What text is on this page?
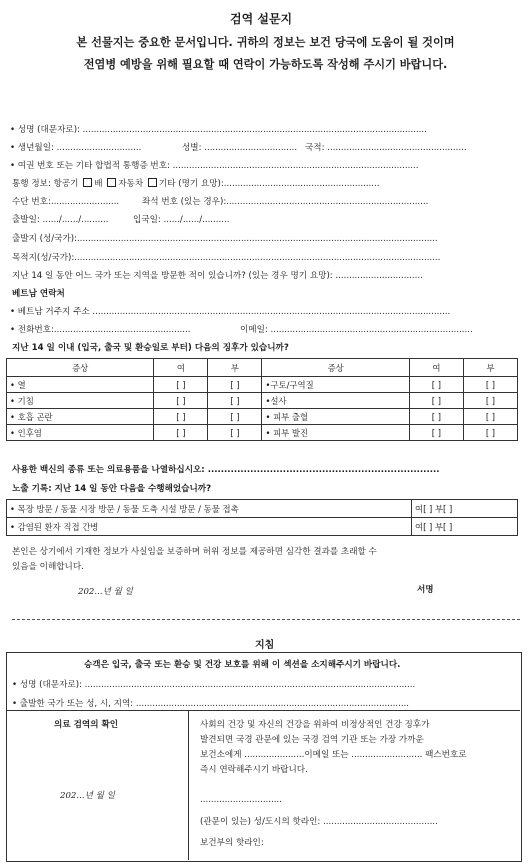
검역 설문지
본 선물지는 중요한 문서입니다. 귀하의 정보는 보건 당국에 도움이 될 것이며
전염병 예방을 위해 필요할 때 연락이 가능하도록 작성해 주시기 바랍니다.
• 성명 (대문자로): ..............................................................................................................................
• 생년월일: ...............................	성별: .................................. 국적: ...................................................
• 여권 번호 또는 기타 합법적 통행증 번호: ..........................................................................................
통행 정보: 항공기 배 자동차 기타 (명기 요망):.........................................................
수단 번호:.........................	좌석 번호 (있는 경우):..........................................................................
출발일: ....../....../..........	입국일: ....../....../..........
출발지 (성/국가):....................................................................................................................................
목적지(성/국가):......................................................................................................................................
지난 14 일 동안 어느 국가 또는 지역을 방문한 적이 있습니까? (있는 경우 명기 요망): ................................
베트남 연락처
• 베트남 거주지 주소 ...................................................................................................................................
• 전화번호:..................................................	이메일: ..........................................................................
지난 14 일 이내 (입국, 출국 및 환승일로 부터) 다음의 징후가 있습니까?
증상	여	부	증상	여	부
• 열	[ ]	[ ]	•구토/구역질	[ ]	[ ]
• 기침	[ ]	[ ]	•설사	[ ]	[ ]
• 호흡 곤란	[ ]	[ ]	• 피부 출혈	[ ]	[ ]
• 인후염	[ ]	[ ]	• 피부 발진	[ ]	[ ]
사용한 백신의 종류 또는 의료용품을 나열하십시오: .......................................................................
노출 기록: 지난 14 일 동안 다음을 수행해었습니까?
• 목장 방문 / 동물 시장 방문 / 동물 도축 시설 방문 / 동물 접촉	여[ ] 부[ ]
• 감염된 환자 직접 간병	여[ ] 부[ ]
본인은 상기에서 기재한 정보가 사실임을 보증하며 허위 정보를 제공하면 심각한 결과를 초래할 수
있음을 이해합니다.
202...년 월 일	서명
지침
승객은 입국, 출국 또는 환승 및 건강 보호를 위해 이 섹션을 소지해주시기 바랍니다.
• 성명 (대문자로): .........................................................................................................................
• 출발한 국가 또는 성, 시, 지역: ....................................................................................................
의료 검역의 확인	사회의 건강 및 자신의 건강을 위하여 비정상적인 건강 징후가
발견되면 국경 관문에 있는 국경 검역 기관 또는 가장 가까운
보건소에게 ......................이메일 또는 .......................... 팩스번호로
즉시 연락해주시기 바랍니다.
202...년 월 일	..............................
(관문이 있는) 성/도시의 핫라인: ..........................................
보건부의 핫라인:
